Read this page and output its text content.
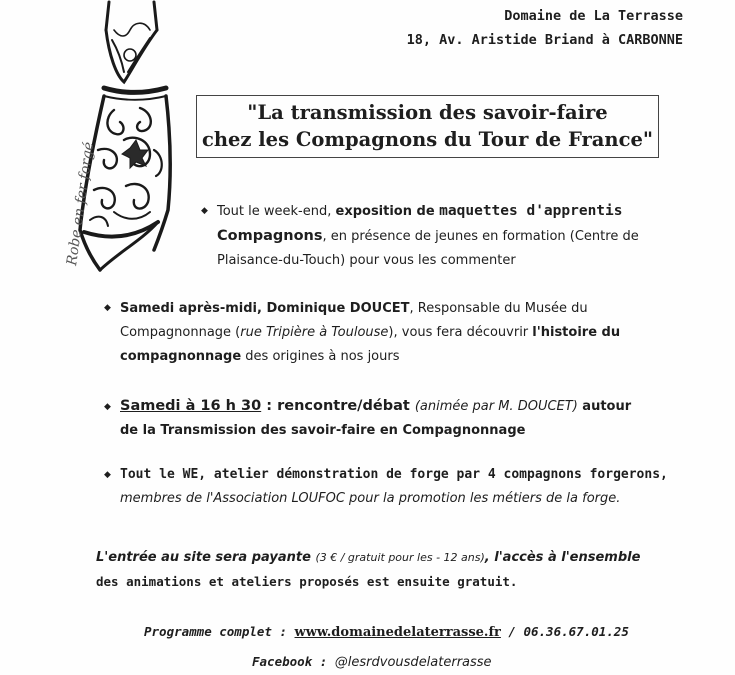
Domaine de La Terrasse
18, Av. Aristide Briand à CARBONNE
Robe en fer forgé
"La transmission des savoir-faire
chez les Compagnons du Tour de France"
◆ Tout le week-end, exposition de maquettes d'apprentis
Compagnons, en présence de jeunes en formation (Centre de
Plaisance-du-Touch) pour vous les commenter
◆ Samedi après-midi, Dominique DOUCET, Responsable du Musée du
Compagnonnage (rue Tripière à Toulouse), vous fera découvrir l'histoire du
compagnonnage des origines à nos jours
◆ Samedi à 16 h 30 : rencontre/débat (animée par M. DOUCET) autour
de la Transmission des savoir-faire en Compagnonnage
◆ Tout le WE, atelier démonstration de forge par 4 compagnons forgerons,
membres de l'Association LOUFOC pour la promotion les métiers de la forge.
L'entrée au site sera payante (3 € / gratuit pour les - 12 ans), l'accès à l'ensemble
des animations et ateliers proposés est ensuite gratuit.
Programme complet : www.domainedelaterrasse.fr / 06.36.67.01.25
Facebook : @lesrdvousdelaterrasse
